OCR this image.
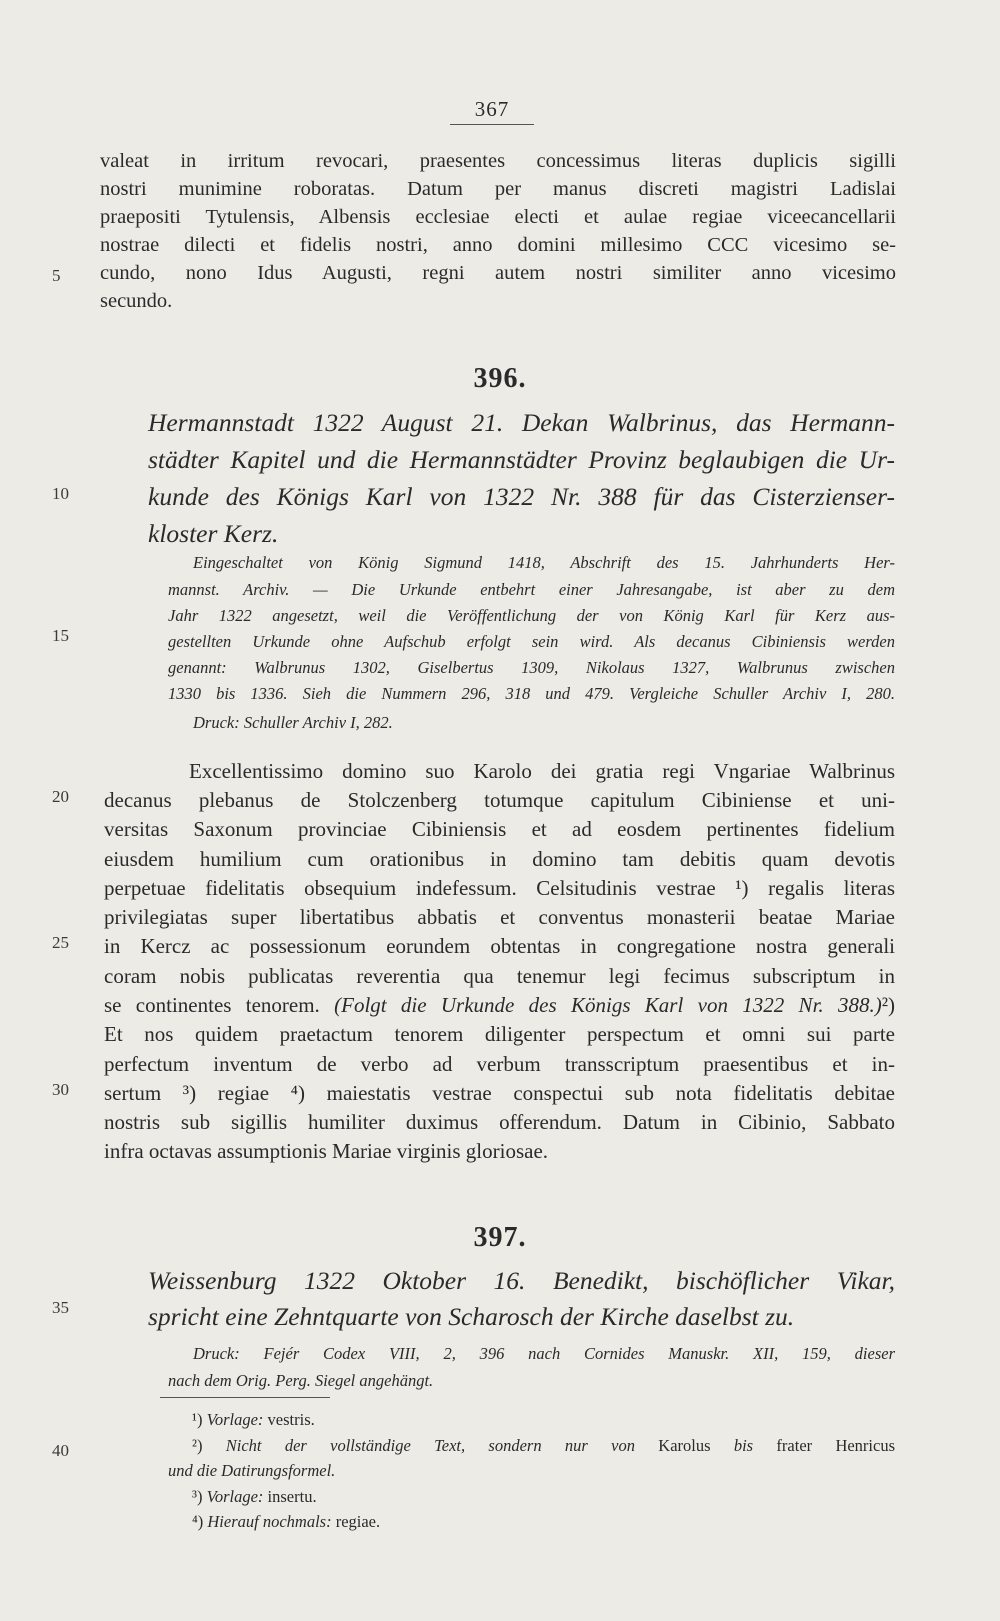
367
valeat in irritum revocari, praesentes concessimus literas duplicis sigilli
nostri munimine roboratas. Datum per manus discreti magistri Ladislai
praepositi Tytulensis, Albensis ecclesiae electi et aulae regiae viceecancellarii
nostrae dilecti et fidelis nostri, anno domini millesimo CCC vicesimo se-
cundo, nono Idus Augusti, regni autem nostri similiter anno vicesimo
secundo.
5
10
15
20
25
30
35
40
396.
Hermannstadt 1322 August 21. Dekan Walbrinus, das Hermann-
städter Kapitel und die Hermannstädter Provinz beglaubigen die Ur-
kunde des Königs Karl von 1322 Nr. 388 für das Cisterzienser-
kloster Kerz.
Eingeschaltet von König Sigmund 1418, Abschrift des 15. Jahrhunderts Her-
mannst. Archiv. — Die Urkunde entbehrt einer Jahresangabe, ist aber zu dem
Jahr 1322 angesetzt, weil die Veröffentlichung der von König Karl für Kerz aus-
gestellten Urkunde ohne Aufschub erfolgt sein wird. Als decanus Cibiniensis werden
genannt: Walbrunus 1302, Giselbertus 1309, Nikolaus 1327, Walbrunus zwischen
1330 bis 1336. Sieh die Nummern 296, 318 und 479. Vergleiche Schuller Archiv I, 280.
Druck: Schuller Archiv I, 282.
Excellentissimo domino suo Karolo dei gratia regi Vngariae Walbrinus
decanus plebanus de Stolczenberg totumque capitulum Cibiniense et uni-
versitas Saxonum provinciae Cibiniensis et ad eosdem pertinentes fidelium
eiusdem humilium cum orationibus in domino tam debitis quam devotis
perpetuae fidelitatis obsequium indefessum. Celsitudinis vestrae ¹) regalis literas
privilegiatas super libertatibus abbatis et conventus monasterii beatae Mariae
in Kercz ac possessionum eorundem obtentas in congregatione nostra generali
coram nobis publicatas reverentia qua tenemur legi fecimus subscriptum in
se continentes tenorem. (Folgt die Urkunde des Königs Karl von 1322 Nr. 388.)²)
Et nos quidem praetactum tenorem diligenter perspectum et omni sui parte
perfectum inventum de verbo ad verbum transscriptum praesentibus et in-
sertum ³) regiae ⁴) maiestatis vestrae conspectui sub nota fidelitatis debitae
nostris sub sigillis humiliter duximus offerendum. Datum in Cibinio, Sabbato
infra octavas assumptionis Mariae virginis gloriosae.
397.
Weissenburg 1322 Oktober 16. Benedikt, bischöflicher Vikar,
spricht eine Zehntquarte von Scharosch der Kirche daselbst zu.
Druck: Fejér Codex VIII, 2, 396 nach Cornides Manuskr. XII, 159, dieser
nach dem Orig. Perg. Siegel angehängt.
¹) Vorlage: vestris.
²) Nicht der vollständige Text, sondern nur von Karolus bis frater Henricus
und die Datirungsformel.
³) Vorlage: insertu.
⁴) Hierauf nochmals: regiae.
